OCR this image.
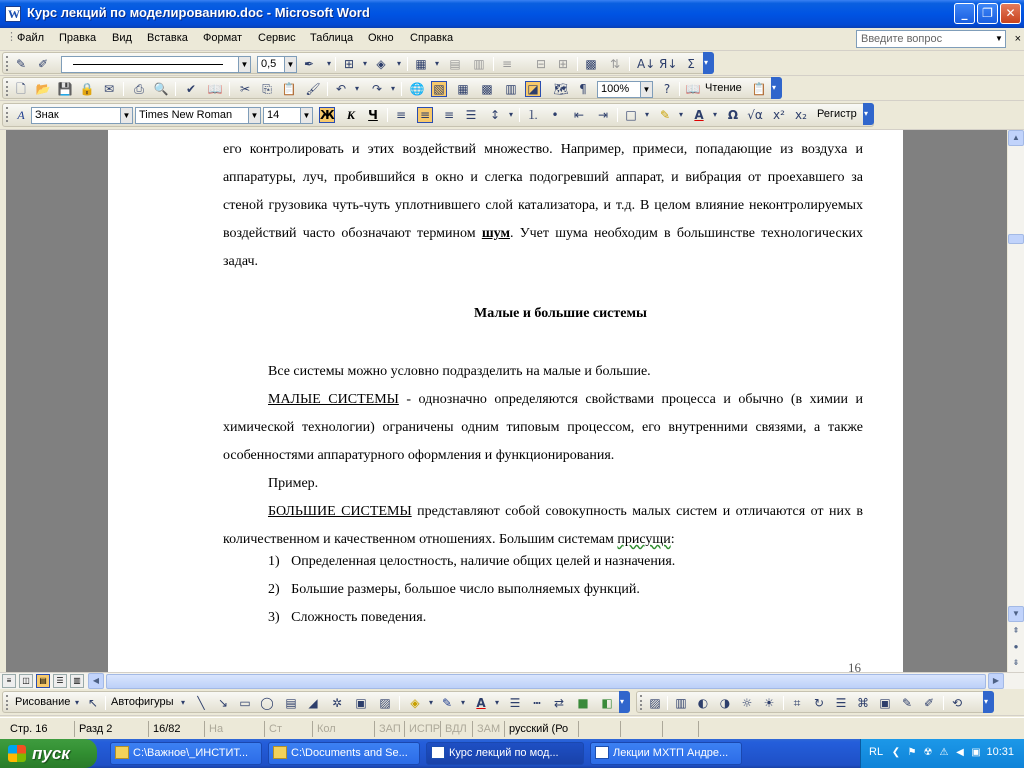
W
Курс лекций по моделированию.doc - Microsoft Word	_	❐	✕
⋮ Файл Правка Вид Вставка Формат Сервис Таблица Окно Справка	Введите вопрос	▼ ×
✎ ✐	▼	0,5	▼ ✒	▾	⊞	▾ ◈	▾	▦	▾ ▤ ▥ ≡ ⊟ ⊞ ▩ ⇅ A↓ Я↓ Σ
▾
🗋 📂 💾 🔒 ✉ ⎙ 🔍 ✔ 📖 ✂ ⎘ 📋 🖌 ↶	▾	↷	▾	🌐 ▧ ▦ ▩ ▥ ◪ 🗺 ¶	100%	▼	?	📖 Чтение 📋
▾
A Знак	▼ Times New Roman	▼ 14	▼ Ж	К	Ч ≡ ≡ ≡ ☰ ↕	▾	⒈	•	⇤ ⇥ □	▾ ✎	▾ A	▾ Ω √α x² x₂ Регистр
▾
его контролировать и этих воздействий множество. Например, примеси, попадающие из воздуха и аппаратуры, луч, пробившийся в окно и слегка подогревший аппарат, и вибрация от проехавшего за стеной грузовика чуть-чуть уплотнившего слой катализатора, и т.д. В целом влияние неконтролируемых воздействий часто обозначают термином шум. Учет шума необходим в большинстве технологических задач.
Малые и большие системы
Все системы можно условно подразделить на малые и большие.
МАЛЫЕ СИСТЕМЫ - однозначно определяются свойствами процесса и обычно (в химии и химической технологии) ограничены одним типовым процессом, его внутренними связями, а также особенностями аппаратурного оформления и функционирования.
Пример.
БОЛЬШИЕ СИСТЕМЫ представляют собой совокупность малых систем и отличаются от них в количественном и качественном отношениях. Большим системам присущи:
1) Определенная целостность, наличие общих целей и назначения.
2) Большие размеры, большое число выполняемых функций.
3) Сложность поведения.
16
▲
▼
⇞
●
⇟
≡	◫	▤	☰	▥	◀	▶
Рисование ▾ ↖ Автофигуры ▾	╲	↘ ▭ ◯ ▤ ◢ ✲ ▣ ▨ ◈	▾ ✎	▾ A	▾ ☰	┅	⇄ ■ ◧
▾	▨ ▥ ◐ ◑ ☼ ☀	⌗	↻ ☰ ⌘ ▣ ✎ ✐ ⟲
▾
Стр. 16	Разд 2	16/82	На	Ст	Кол	ЗАП ИСПР ВДЛ ЗАМ русский (Ро
пуск	C:\Важное\_ИНСТИТ...	C:\Documents and Se...	Курс лекций по мод...	Лекции МХТП Андре...	RL ❮ ⚑ ☢ ⚠ ◀ ▣ 10:31
